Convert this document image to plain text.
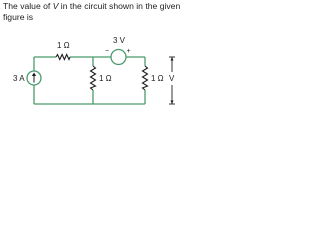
The value of V in the circuit shown in the given figure is

3 V
− +
3 A
1 Ω
1 Ω	1 Ω V
